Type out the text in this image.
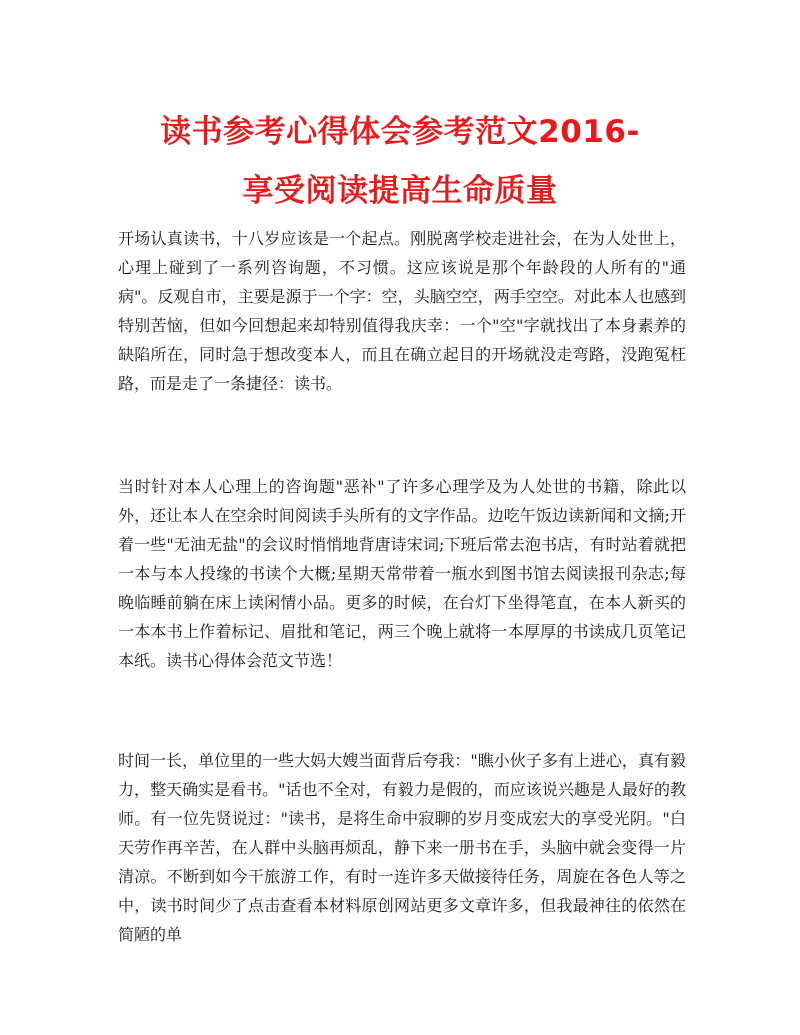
读书参考心得体会参考范文2016-
享受阅读提高生命质量

开场认真读书，十八岁应该是一个起点。刚脱离学校走进社会，在为人处世上，心理上碰到了一系列咨询题，不习惯。这应该说是那个年龄段的人所有的"通病"。反观自市，主要是源于一个字：空，头脑空空，两手空空。对此本人也感到特别苦恼，但如今回想起来却特别值得我庆幸：一个"空"字就找出了本身素养的缺陷所在，同时急于想改变本人，而且在确立起目的开场就没走弯路，没跑冤枉路，而是走了一条捷径：读书。

当时针对本人心理上的咨询题"恶补"了许多心理学及为人处世的书籍，除此以外，还让本人在空余时间阅读手头所有的文字作品。边吃午饭边读新闻和文摘;开着一些"无油无盐"的会议时悄悄地背唐诗宋词;下班后常去泡书店，有时站着就把一本与本人投缘的书读个大概;星期天常带着一瓶水到图书馆去阅读报刊杂志;每晚临睡前躺在床上读闲情小品。更多的时候，在台灯下坐得笔直，在本人新买的一本本书上作着标记、眉批和笔记，两三个晚上就将一本厚厚的书读成几页笔记本纸。读书心得体会范文节选！

时间一长，单位里的一些大妈大嫂当面背后夸我："瞧小伙子多有上进心，真有毅力，整天确实是看书。"话也不全对，有毅力是假的，而应该说兴趣是人最好的教师。有一位先贤说过："读书，是将生命中寂聊的岁月变成宏大的享受光阴。"白天劳作再辛苦，在人群中头脑再烦乱，静下来一册书在手，头脑中就会变得一片清凉。不断到如今干旅游工作，有时一连许多天做接待任务，周旋在各色人等之中，读书时间少了点击查看本材料原创网站更多文章许多，但我最神往的依然在简陋的单
